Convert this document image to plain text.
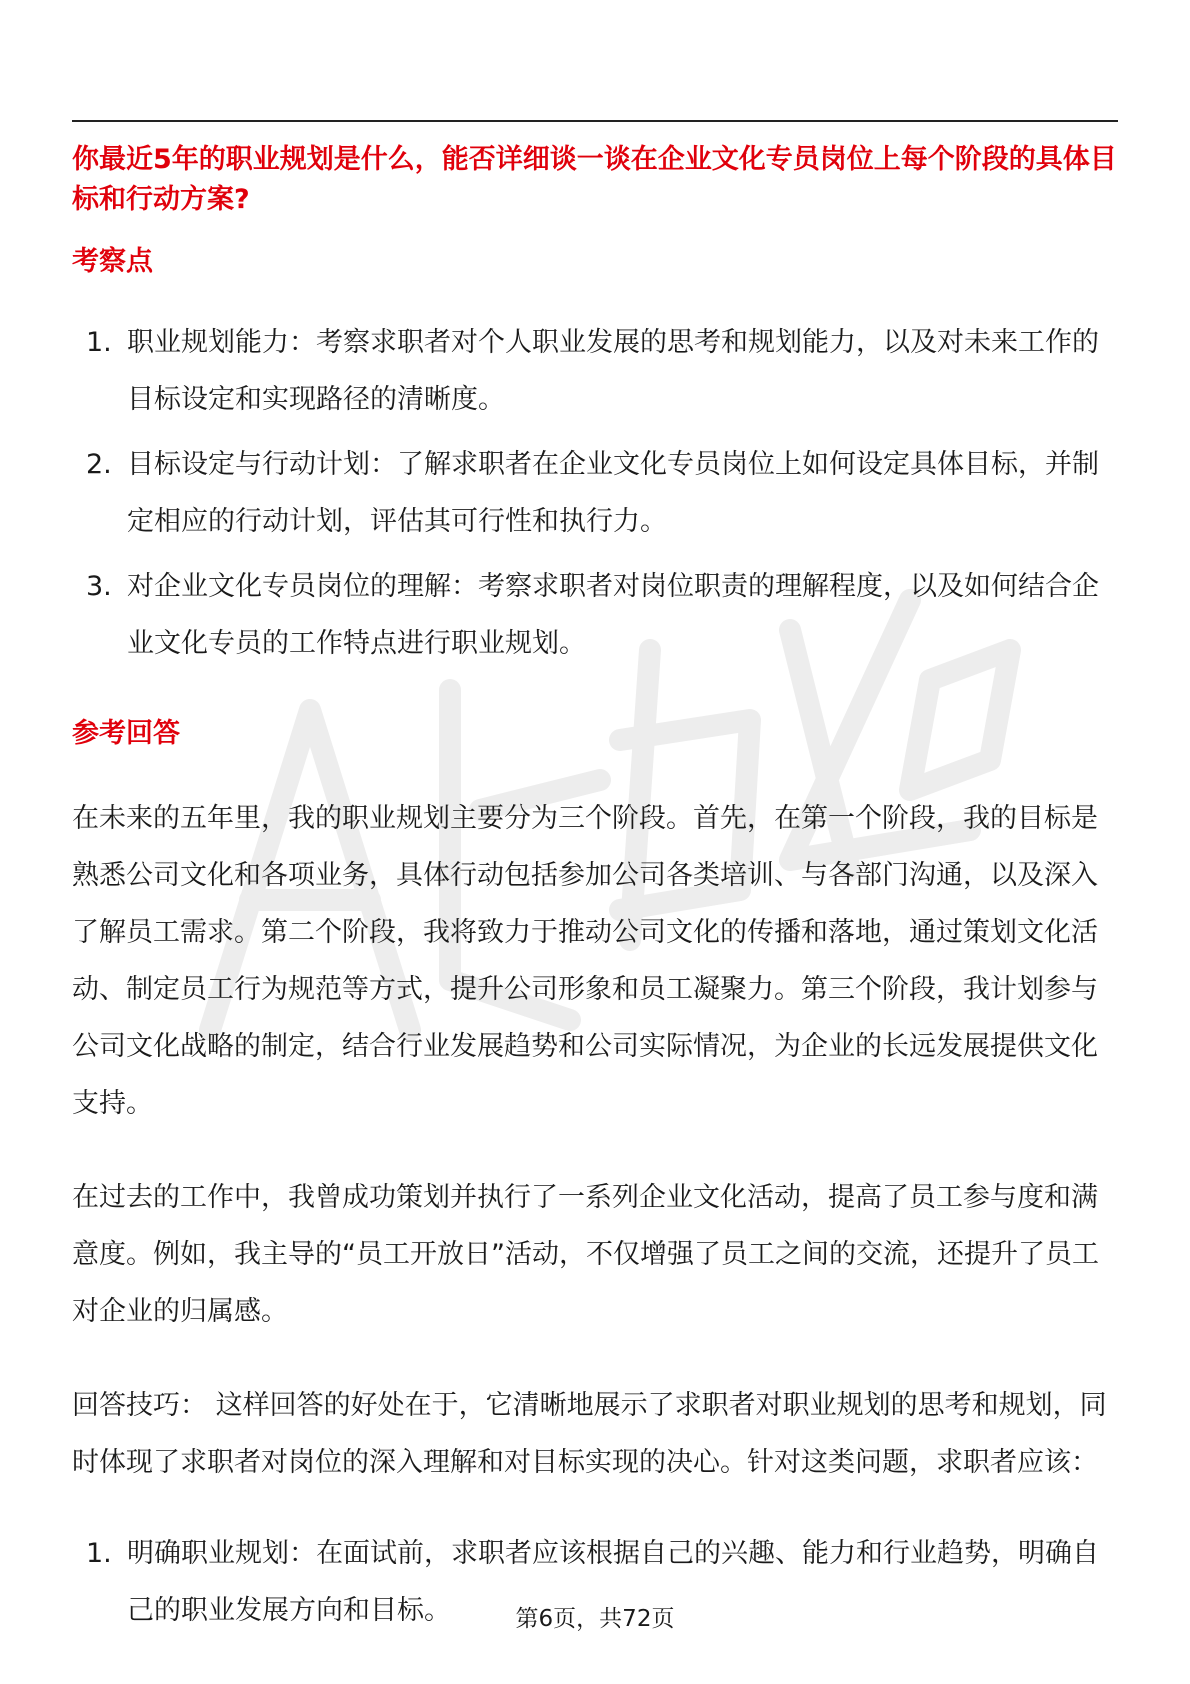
你最近5年的职业规划是什么，能否详细谈一谈在企业文化专员岗位上每个阶段的具体目标和行动方案?

考察点
1. 职业规划能力：考察求职者对个人职业发展的思考和规划能力，以及对未来工作的目标设定和实现路径的清晰度。
2. 目标设定与行动计划：了解求职者在企业文化专员岗位上如何设定具体目标，并制定相应的行动计划，评估其可行性和执行力。
3. 对企业文化专员岗位的理解：考察求职者对岗位职责的理解程度，以及如何结合企业文化专员的工作特点进行职业规划。
参考回答

在未来的五年里，我的职业规划主要分为三个阶段。首先，在第一个阶段，我的目标是熟悉公司文化和各项业务，具体行动包括参加公司各类培训、与各部门沟通，以及深入了解员工需求。第二个阶段，我将致力于推动公司文化的传播和落地，通过策划文化活动、制定员工行为规范等方式，提升公司形象和员工凝聚力。第三个阶段，我计划参与公司文化战略的制定，结合行业发展趋势和公司实际情况，为企业的长远发展提供文化支持。

在过去的工作中，我曾成功策划并执行了一系列企业文化活动，提高了员工参与度和满意度。例如，我主导的“员工开放日”活动，不仅增强了员工之间的交流，还提升了员工对企业的归属感。

回答技巧： 这样回答的好处在于，它清晰地展示了求职者对职业规划的思考和规划，同时体现了求职者对岗位的深入理解和对目标实现的决心。针对这类问题，求职者应该：

1. 明确职业规划：在面试前，求职者应该根据自己的兴趣、能力和行业趋势，明确自己的职业发展方向和目标。	第6页，共72页
